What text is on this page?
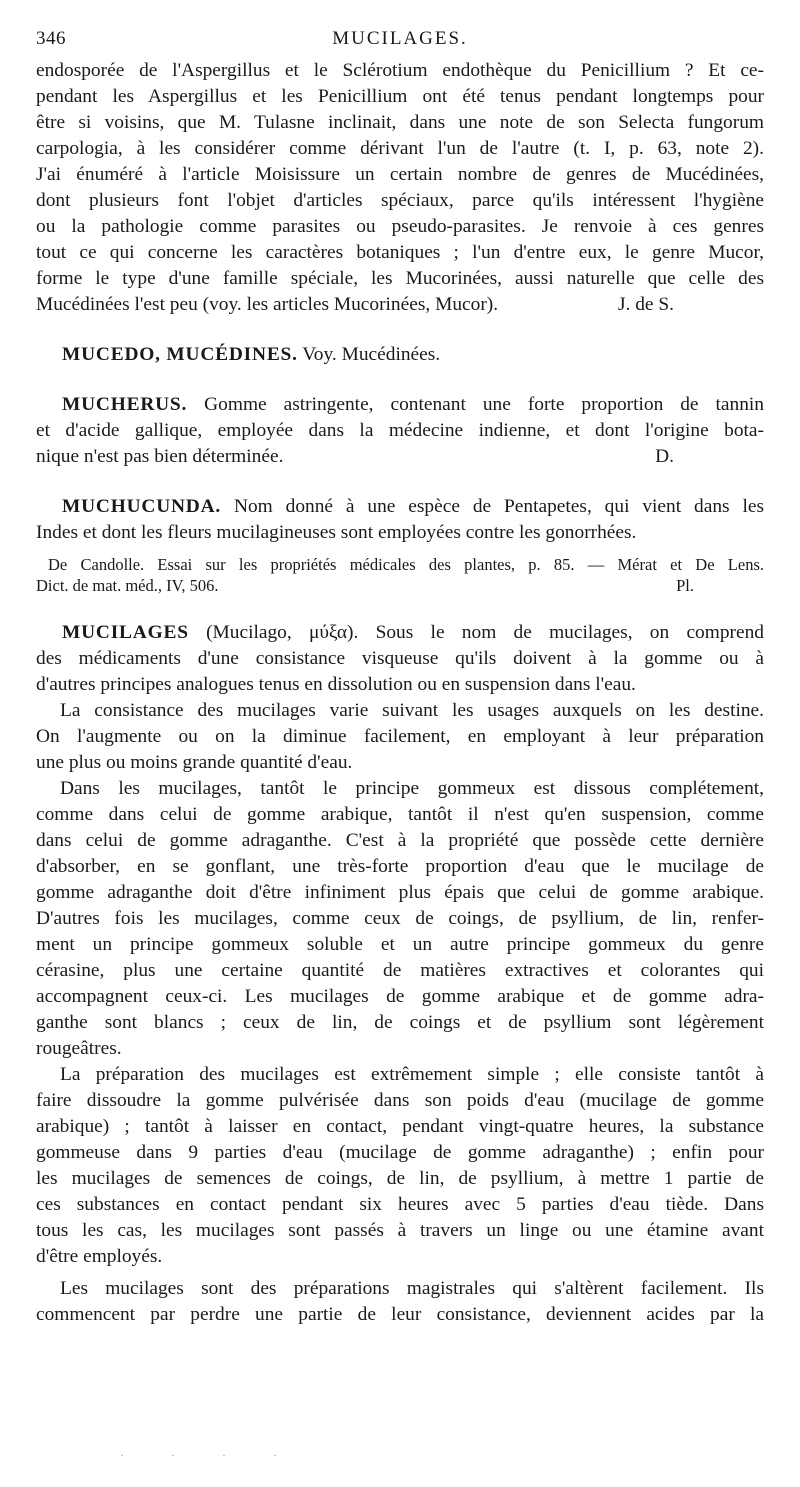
346	MUCILAGES.

endosporée de l'Aspergillus et le Sclérotium endothèque du Penicillium ? Et ce-
pendant les Aspergillus et les Penicillium ont été tenus pendant longtemps pour
être si voisins, que M. Tulasne inclinait, dans une note de son Selecta fungorum
carpologia, à les considérer comme dérivant l'un de l'autre (t. I, p. 63, note 2).
J'ai énuméré à l'article Moisissure un certain nombre de genres de Mucédinées,
dont plusieurs font l'objet d'articles spéciaux, parce qu'ils intéressent l'hygiène
ou la pathologie comme parasites ou pseudo-parasites. Je renvoie à ces genres
tout ce qui concerne les caractères botaniques ; l'un d'entre eux, le genre Mucor,
forme le type d'une famille spéciale, les Mucorinées, aussi naturelle que celle des
Mucédinées l'est peu (voy. les articles Mucorinées, Mucor).	J. de S.

MUCEDO, MUCÉDINES. Voy. Mucédinées.

MUCHERUS. Gomme astringente, contenant une forte proportion de tannin
et d'acide gallique, employée dans la médecine indienne, et dont l'origine bota-
nique n'est pas bien déterminée.	D.

MUCHUCUNDA. Nom donné à une espèce de Pentapetes, qui vient dans les
Indes et dont les fleurs mucilagineuses sont employées contre les gonorrhées.

De Candolle. Essai sur les propriétés médicales des plantes, p. 85. — Mérat et De Lens.
Dict. de mat. méd., IV, 506.	Pl.

MUCILAGES (Mucilago, μύξα). Sous le nom de mucilages, on comprend
des médicaments d'une consistance visqueuse qu'ils doivent à la gomme ou à
d'autres principes analogues tenus en dissolution ou en suspension dans l'eau.

La consistance des mucilages varie suivant les usages auxquels on les destine.
On l'augmente ou on la diminue facilement, en employant à leur préparation
une plus ou moins grande quantité d'eau.

Dans les mucilages, tantôt le principe gommeux est dissous complétement,
comme dans celui de gomme arabique, tantôt il n'est qu'en suspension, comme
dans celui de gomme adraganthe. C'est à la propriété que possède cette dernière
d'absorber, en se gonflant, une très-forte proportion d'eau que le mucilage de
gomme adraganthe doit d'être infiniment plus épais que celui de gomme arabique.
D'autres fois les mucilages, comme ceux de coings, de psyllium, de lin, renfer-
ment un principe gommeux soluble et un autre principe gommeux du genre
cérasine, plus une certaine quantité de matières extractives et colorantes qui
accompagnent ceux-ci. Les mucilages de gomme arabique et de gomme adra-
ganthe sont blancs ; ceux de lin, de coings et de psyllium sont légèrement
rougeâtres.

La préparation des mucilages est extrêmement simple ; elle consiste tantôt à
faire dissoudre la gomme pulvérisée dans son poids d'eau (mucilage de gomme
arabique) ; tantôt à laisser en contact, pendant vingt-quatre heures, la substance
gommeuse dans 9 parties d'eau (mucilage de gomme adraganthe) ; enfin pour
les mucilages de semences de coings, de lin, de psyllium, à mettre 1 partie de
ces substances en contact pendant six heures avec 5 parties d'eau tiède. Dans
tous les cas, les mucilages sont passés à travers un linge ou une étamine avant
d'être employés.

Les mucilages sont des préparations magistrales qui s'altèrent facilement. Ils
commencent par perdre une partie de leur consistance, deviennent acides par la

· · · ·
